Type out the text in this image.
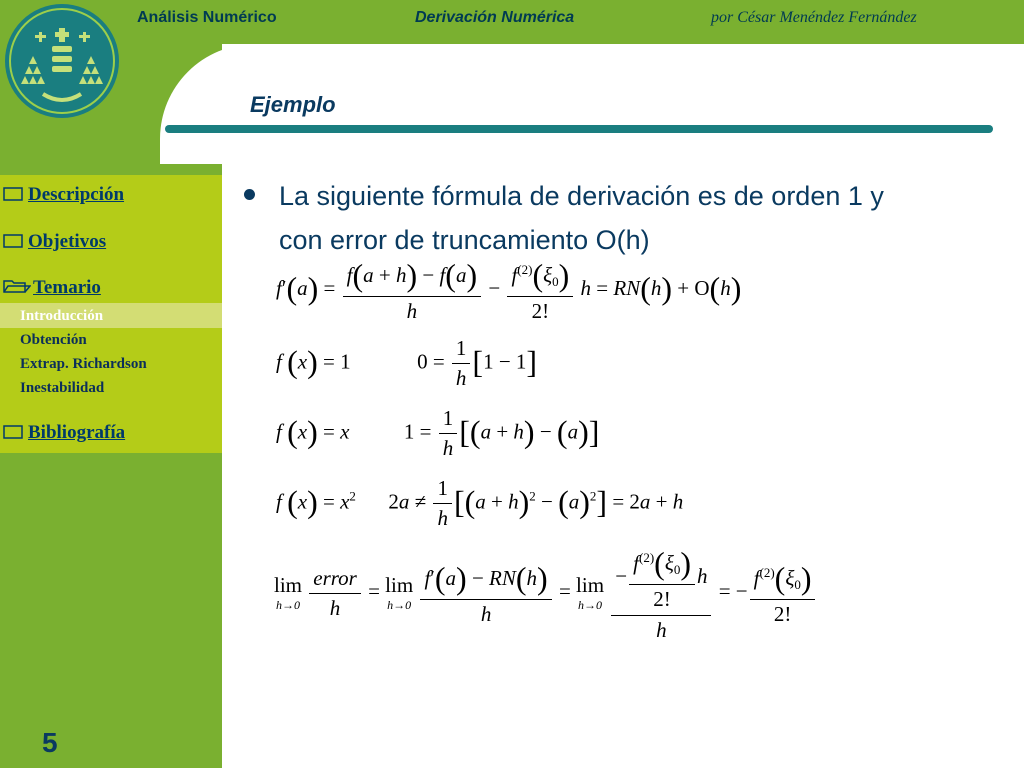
Análisis Numérico	Derivación Numérica	por César Menéndez Fernández
Ejemplo
Descripción
Objetivos
Temario
Introducción
Obtención
Extrap. Richardson
Inestabilidad
Bibliografía
5
La siguiente fórmula de derivación es de orden 1 y con error de truncamiento O(h)
$f'(a) = \frac{f(a + h) - f(a)}{h} - \frac{f^{(2)}(\xi 0)}{2!}$ h = RN(h) + O(h)
f (x) = 1	$0 = \frac{1}{h} [1 - 1]$
f (x) = x  $1 = \frac{1}{h} [(a + h) - (a)]$
f $(x) = x^2$  $2a \ne \frac{1}{h} [(a + h)^2 - (a)^2] = 2a + h$
lim
h→0
$\frac{\text{error}}{h} = \lim$
h→0
$\frac{f'(a) - RN(h)}{h} = \lim$
h→0
$\frac{- \frac{f^{(2)}(\xi 0)}{2!} h}{h}$ = − $\frac{f^{(2)}(\xi 0)}{2!}$
